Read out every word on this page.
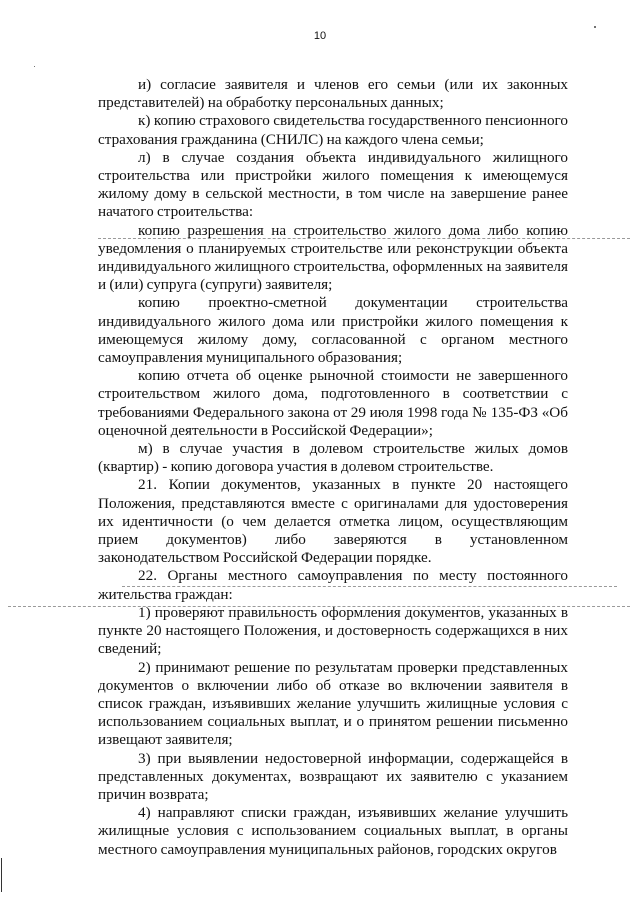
10

и) согласие заявителя и членов его семьи (или их законных представителей) на обработку персональных данных;

к) копию страхового свидетельства государственного пенсионного страхования гражданина (СНИЛС) на каждого члена семьи;

л) в случае создания объекта индивидуального жилищного строительства или пристройки жилого помещения к имеющемуся жилому дому в сельской местности, в том числе на завершение ранее начатого строительства:

копию разрешения на строительство жилого дома либо копию уведомления о планируемых строительстве или реконструкции объекта индивидуального жилищного строительства, оформленных на заявителя и (или) супруга (супруги) заявителя;

копию проектно-сметной документации строительства индивидуального жилого дома или пристройки жилого помещения к имеющемуся жилому дому, согласованной с органом местного самоуправления муниципального образования;

копию отчета об оценке рыночной стоимости не завершенного строительством жилого дома, подготовленного в соответствии с требованиями Федерального закона от 29 июля 1998 года № 135-ФЗ «Об оценочной деятельности в Российской Федерации»;

м) в случае участия в долевом строительстве жилых домов (квартир) - копию договора участия в долевом строительстве.

21. Копии документов, указанных в пункте 20 настоящего Положения, представляются вместе с оригиналами для удостоверения их идентичности (о чем делается отметка лицом, осуществляющим прием документов) либо заверяются в установленном законодательством Российской Федерации порядке.

22. Органы местного самоуправления по месту постоянного жительства граждан:

1) проверяют правильность оформления документов, указанных в пункте 20 настоящего Положения, и достоверность содержащихся в них сведений;

2) принимают решение по результатам проверки представленных документов о включении либо об отказе во включении заявителя в список граждан, изъявивших желание улучшить жилищные условия с использованием социальных выплат, и о принятом решении письменно извещают заявителя;

3) при выявлении недостоверной информации, содержащейся в представленных документах, возвращают их заявителю с указанием причин возврата;

4) направляют списки граждан, изъявивших желание улучшить жилищные условия с использованием социальных выплат, в органы местного самоуправления муниципальных районов, городских округов
